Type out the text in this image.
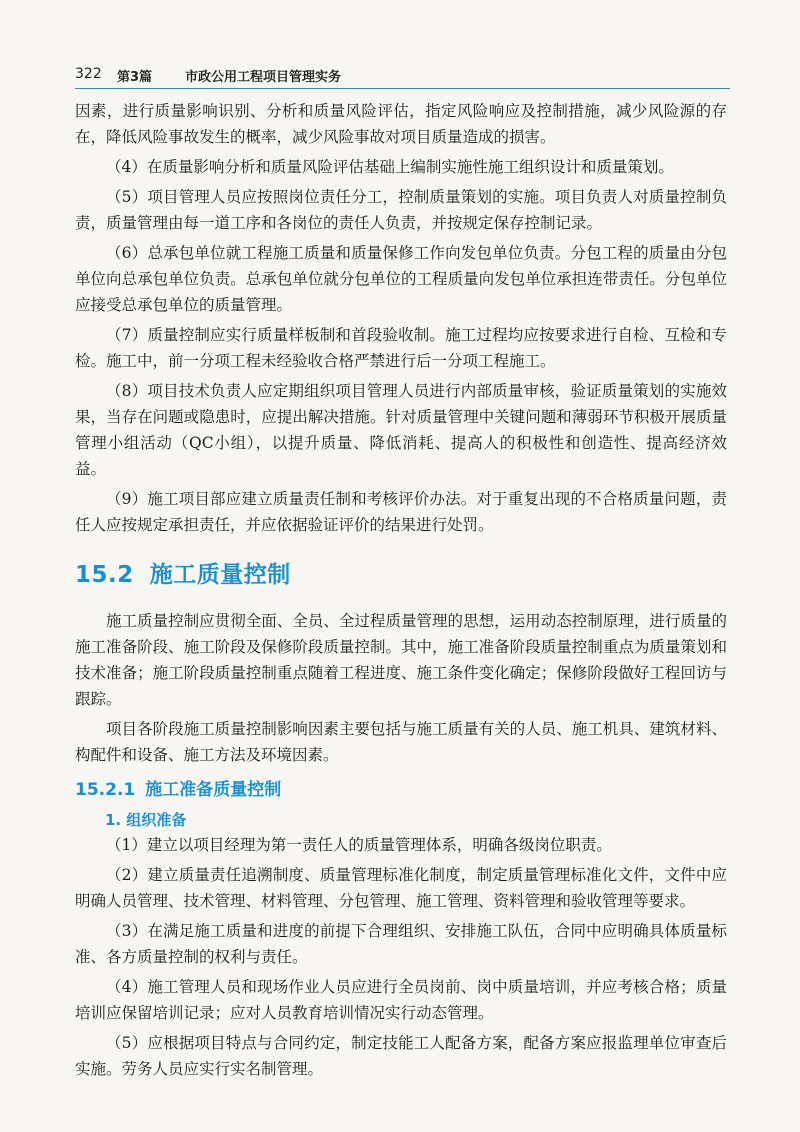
322 第3篇	市政公用工程项目管理实务

因素，进行质量影响识别、分析和质量风险评估，指定风险响应及控制措施，减少风险源的存在，降低风险事故发生的概率，减少风险事故对项目质量造成的损害。

（4）在质量影响分析和质量风险评估基础上编制实施性施工组织设计和质量策划。

（5）项目管理人员应按照岗位责任分工，控制质量策划的实施。项目负责人对质量控制负责，质量管理由每一道工序和各岗位的责任人负责，并按规定保存控制记录。

（6）总承包单位就工程施工质量和质量保修工作向发包单位负责。分包工程的质量由分包单位向总承包单位负责。总承包单位就分包单位的工程质量向发包单位承担连带责任。分包单位应接受总承包单位的质量管理。

（7）质量控制应实行质量样板制和首段验收制。施工过程均应按要求进行自检、互检和专检。施工中，前一分项工程未经验收合格严禁进行后一分项工程施工。

（8）项目技术负责人应定期组织项目管理人员进行内部质量审核，验证质量策划的实施效果，当存在问题或隐患时，应提出解决措施。针对质量管理中关键问题和薄弱环节积极开展质量管理小组活动（QC小组），以提升质量、降低消耗、提高人的积极性和创造性、提高经济效益。

（9）施工项目部应建立质量责任制和考核评价办法。对于重复出现的不合格质量问题，责任人应按规定承担责任，并应依据验证评价的结果进行处罚。

15.2 施工质量控制

施工质量控制应贯彻全面、全员、全过程质量管理的思想，运用动态控制原理，进行质量的施工准备阶段、施工阶段及保修阶段质量控制。其中，施工准备阶段质量控制重点为质量策划和技术准备；施工阶段质量控制重点随着工程进度、施工条件变化确定；保修阶段做好工程回访与跟踪。

项目各阶段施工质量控制影响因素主要包括与施工质量有关的人员、施工机具、建筑材料、构配件和设备、施工方法及环境因素。

15.2.1 施工准备质量控制
1. 组织准备

（1）建立以项目经理为第一责任人的质量管理体系，明确各级岗位职责。

（2）建立质量责任追溯制度、质量管理标准化制度，制定质量管理标准化文件，文件中应明确人员管理、技术管理、材料管理、分包管理、施工管理、资料管理和验收管理等要求。

（3）在满足施工质量和进度的前提下合理组织、安排施工队伍，合同中应明确具体质量标准、各方质量控制的权利与责任。

（4）施工管理人员和现场作业人员应进行全员岗前、岗中质量培训，并应考核合格；质量培训应保留培训记录；应对人员教育培训情况实行动态管理。

（5）应根据项目特点与合同约定，制定技能工人配备方案，配备方案应报监理单位审查后实施。劳务人员应实行实名制管理。
